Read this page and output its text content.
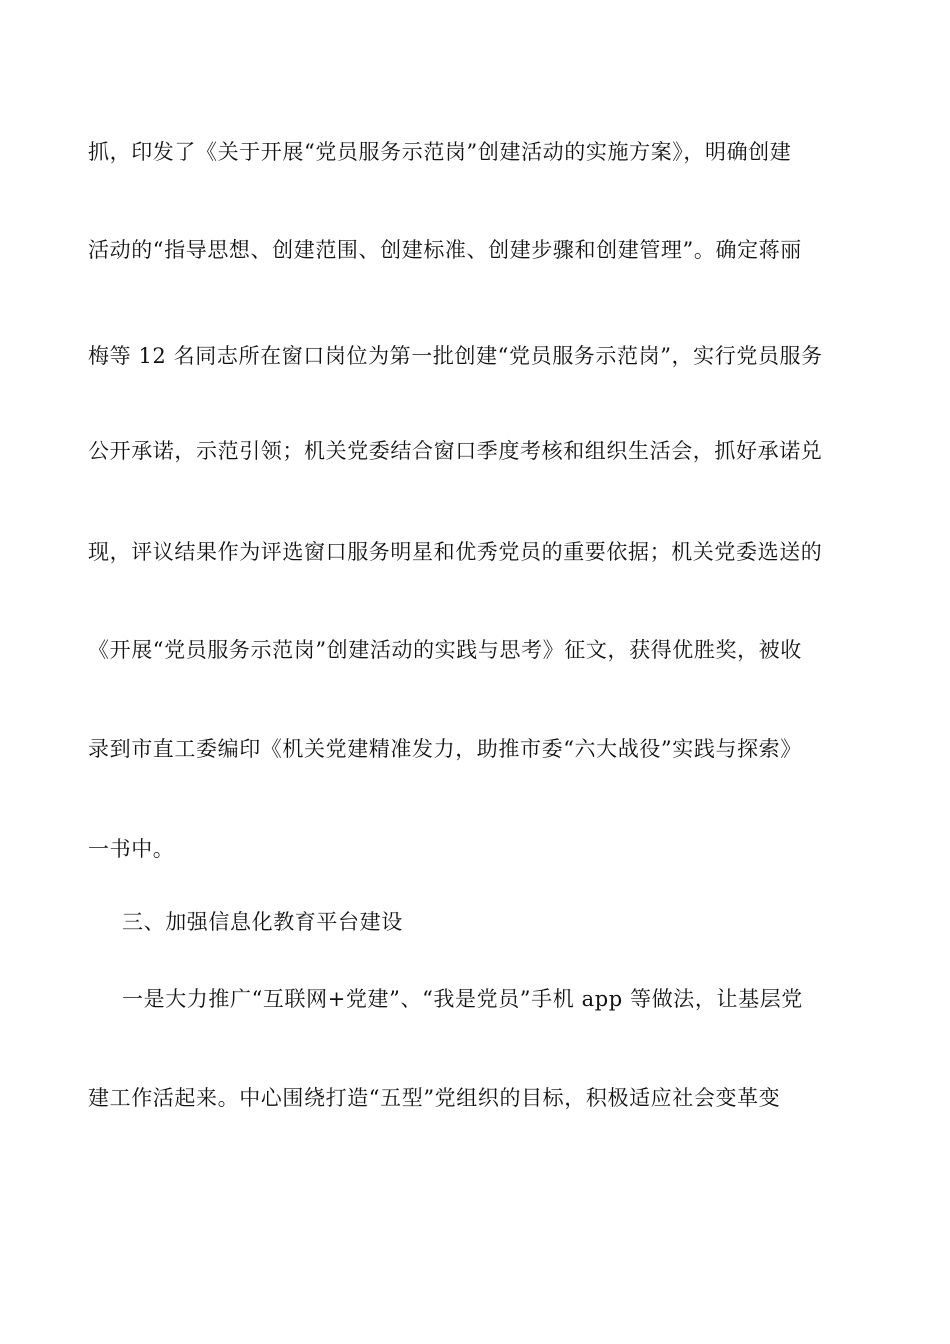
抓，印发了《关于开展“党员服务示范岗”创建活动的实施方案》，明确创建
活动的“指导思想、创建范围、创建标准、创建步骤和创建管理”。确定蒋丽
梅等 12 名同志所在窗口岗位为第一批创建“党员服务示范岗”，实行党员服务
公开承诺，示范引领；机关党委结合窗口季度考核和组织生活会，抓好承诺兑
现，评议结果作为评选窗口服务明星和优秀党员的重要依据；机关党委选送的
《开展“党员服务示范岗”创建活动的实践与思考》征文，获得优胜奖，被收
录到市直工委编印《机关党建精准发力，助推市委“六大战役”实践与探索》
一书中。
三、加强信息化教育平台建设
一是大力推广“互联网+党建”、“我是党员”手机 app 等做法，让基层党
建工作活起来。中心围绕打造“五型”党组织的目标，积极适应社会变革变
